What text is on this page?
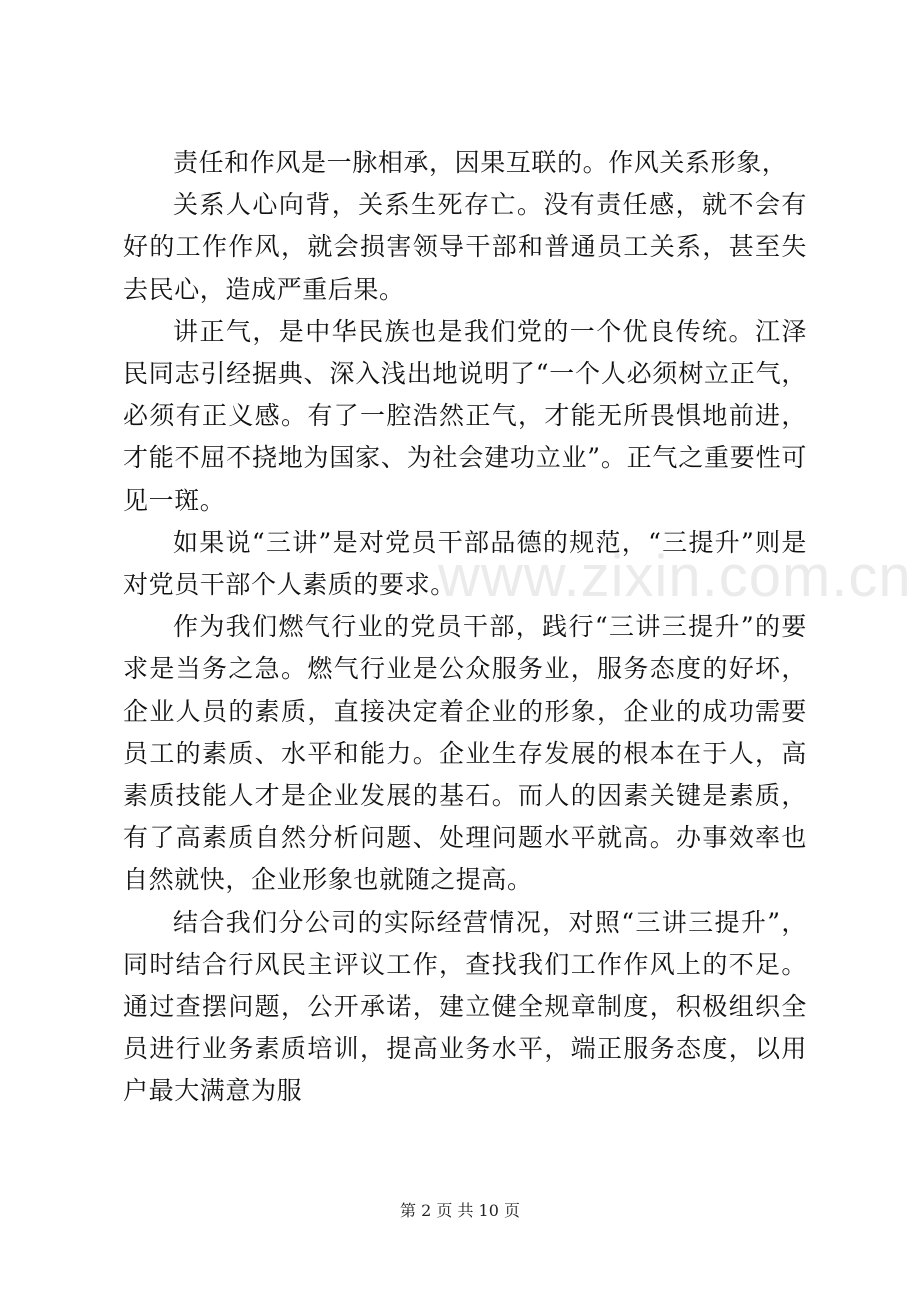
责任和作风是一脉相承，因果互联的。作风关系形象，

关系人心向背，关系生死存亡。没有责任感，就不会有好的工作作风，就会损害领导干部和普通员工关系，甚至失去民心，造成严重后果。

讲正气，是中华民族也是我们党的一个优良传统。江泽民同志引经据典、深入浅出地说明了“一个人必须树立正气，必须有正义感。有了一腔浩然正气，才能无所畏惧地前进，才能不屈不挠地为国家、为社会建功立业”。正气之重要性可见一斑。

如果说“三讲”是对党员干部品德的规范，“三提升”则是对党员干部个人素质的要求。

作为我们燃气行业的党员干部，践行“三讲三提升”的要求是当务之急。燃气行业是公众服务业，服务态度的好坏，企业人员的素质，直接决定着企业的形象，企业的成功需要员工的素质、水平和能力。企业生存发展的根本在于人，高素质技能人才是企业发展的基石。而人的因素关键是素质，有了高素质自然分析问题、处理问题水平就高。办事效率也自然就快，企业形象也就随之提高。

结合我们分公司的实际经营情况，对照“三讲三提升”，同时结合行风民主评议工作，查找我们工作作风上的不足。通过查摆问题，公开承诺，建立健全规章制度，积极组织全员进行业务素质培训，提高业务水平，端正服务态度，以用户最大满意为服

www.zixin.com.cn
第 2 页 共 10 页
